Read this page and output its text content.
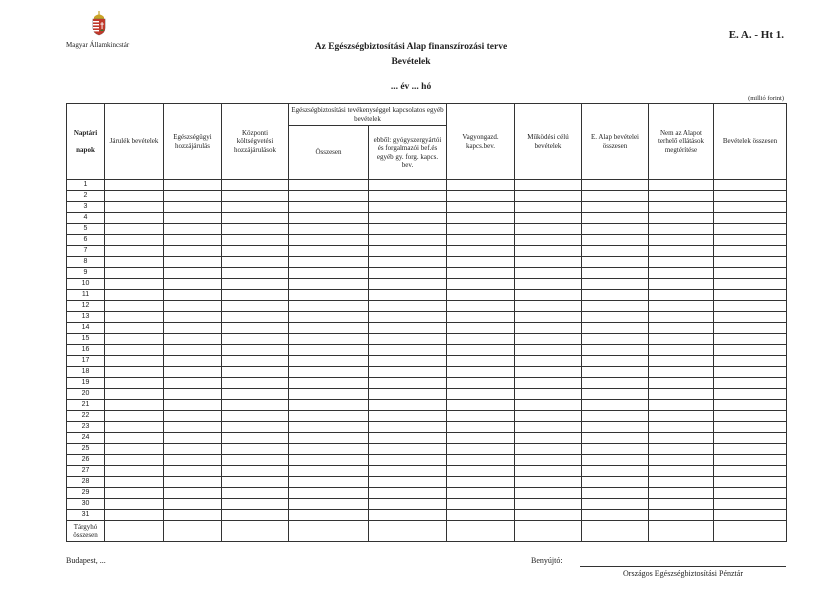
Magyar Államkincstár
E. A. - Ht 1.
Az Egészségbiztosítási Alap finanszírozási terve
Bevételek
... év ... hó
(millió forint)
Naptári
napok	Járulék bevételek	Egészségügyi hozzájárulás	Központi költségvetési hozzájárulások	Egészségbiztosítási tevékenységgel kapcsolatos egyéb bevételek		Vagyongazd. kapcs.bev.	Működési célú bevételek	E. Alap bevételei összesen	Nem az Alapot terhelő ellátások megtérítése	Bevételek összesen
				Összesen	ebből: gyógyszergyártói és forgalmazói bef.és egyéb gy. forg. kapcs. bev.					
1										
2										
3										
4										
5										
6										
7										
8										
9										
10										
11										
12										
13										
14										
15										
16										
17										
18										
19										
20										
21										
22										
23										
24										
25										
26										
27										
28										
29										
30										
31										

Tárgyhó
összesen										

Budapest, ...	Benyújtó:
Országos Egészségbiztosítási Pénztár
